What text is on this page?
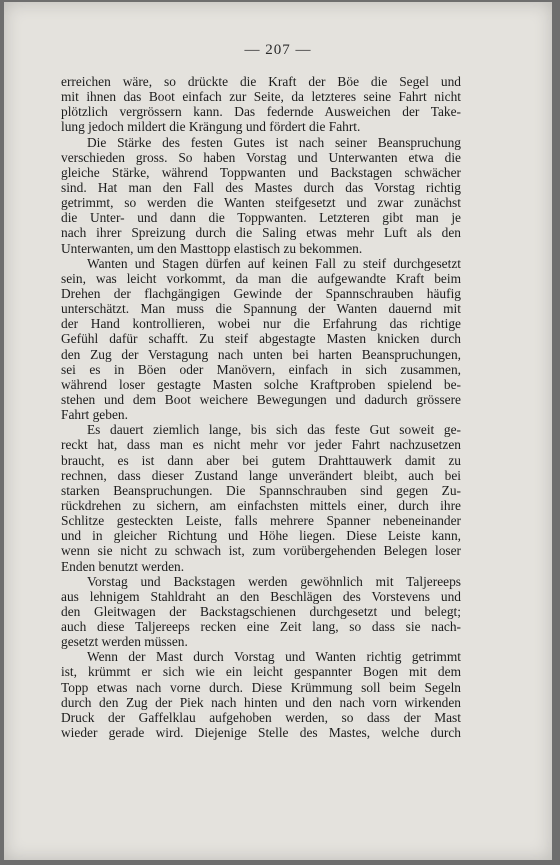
— 207 —
erreichen wäre, so drückte die Kraft der Böe die Segel und
mit ihnen das Boot einfach zur Seite, da letzteres seine Fahrt nicht
plötzlich vergrössern kann. Das federnde Ausweichen der Take-
lung jedoch mildert die Krängung und fördert die Fahrt.
Die Stärke des festen Gutes ist nach seiner Beanspruchung
verschieden gross. So haben Vorstag und Unterwanten etwa die
gleiche Stärke, während Toppwanten und Backstagen schwächer
sind. Hat man den Fall des Mastes durch das Vorstag richtig
getrimmt, so werden die Wanten steifgesetzt und zwar zunächst
die Unter- und dann die Toppwanten. Letzteren gibt man je
nach ihrer Spreizung durch die Saling etwas mehr Luft als den
Unterwanten, um den Masttopp elastisch zu bekommen.
Wanten und Stagen dürfen auf keinen Fall zu steif durchgesetzt
sein, was leicht vorkommt, da man die aufgewandte Kraft beim
Drehen der flachgängigen Gewinde der Spannschrauben häufig
unterschätzt. Man muss die Spannung der Wanten dauernd mit
der Hand kontrollieren, wobei nur die Erfahrung das richtige
Gefühl dafür schafft. Zu steif abgestagte Masten knicken durch
den Zug der Verstagung nach unten bei harten Beanspruchungen,
sei es in Böen oder Manövern, einfach in sich zusammen,
während loser gestagte Masten solche Kraftproben spielend be-
stehen und dem Boot weichere Bewegungen und dadurch grössere
Fahrt geben.
Es dauert ziemlich lange, bis sich das feste Gut soweit ge-
reckt hat, dass man es nicht mehr vor jeder Fahrt nachzusetzen
braucht, es ist dann aber bei gutem Drahttauwerk damit zu
rechnen, dass dieser Zustand lange unverändert bleibt, auch bei
starken Beanspruchungen. Die Spannschrauben sind gegen Zu-
rückdrehen zu sichern, am einfachsten mittels einer, durch ihre
Schlitze gesteckten Leiste, falls mehrere Spanner nebeneinander
und in gleicher Richtung und Höhe liegen. Diese Leiste kann,
wenn sie nicht zu schwach ist, zum vorübergehenden Belegen loser
Enden benutzt werden.
Vorstag und Backstagen werden gewöhnlich mit Taljereeps
aus lehnigem Stahldraht an den Beschlägen des Vorstevens und
den Gleitwagen der Backstagschienen durchgesetzt und belegt;
auch diese Taljereeps recken eine Zeit lang, so dass sie nach-
gesetzt werden müssen.
Wenn der Mast durch Vorstag und Wanten richtig getrimmt
ist, krümmt er sich wie ein leicht gespannter Bogen mit dem
Topp etwas nach vorne durch. Diese Krümmung soll beim Segeln
durch den Zug der Piek nach hinten und den nach vorn wirkenden
Druck der Gaffelklau aufgehoben werden, so dass der Mast
wieder gerade wird. Diejenige Stelle des Mastes, welche durch
